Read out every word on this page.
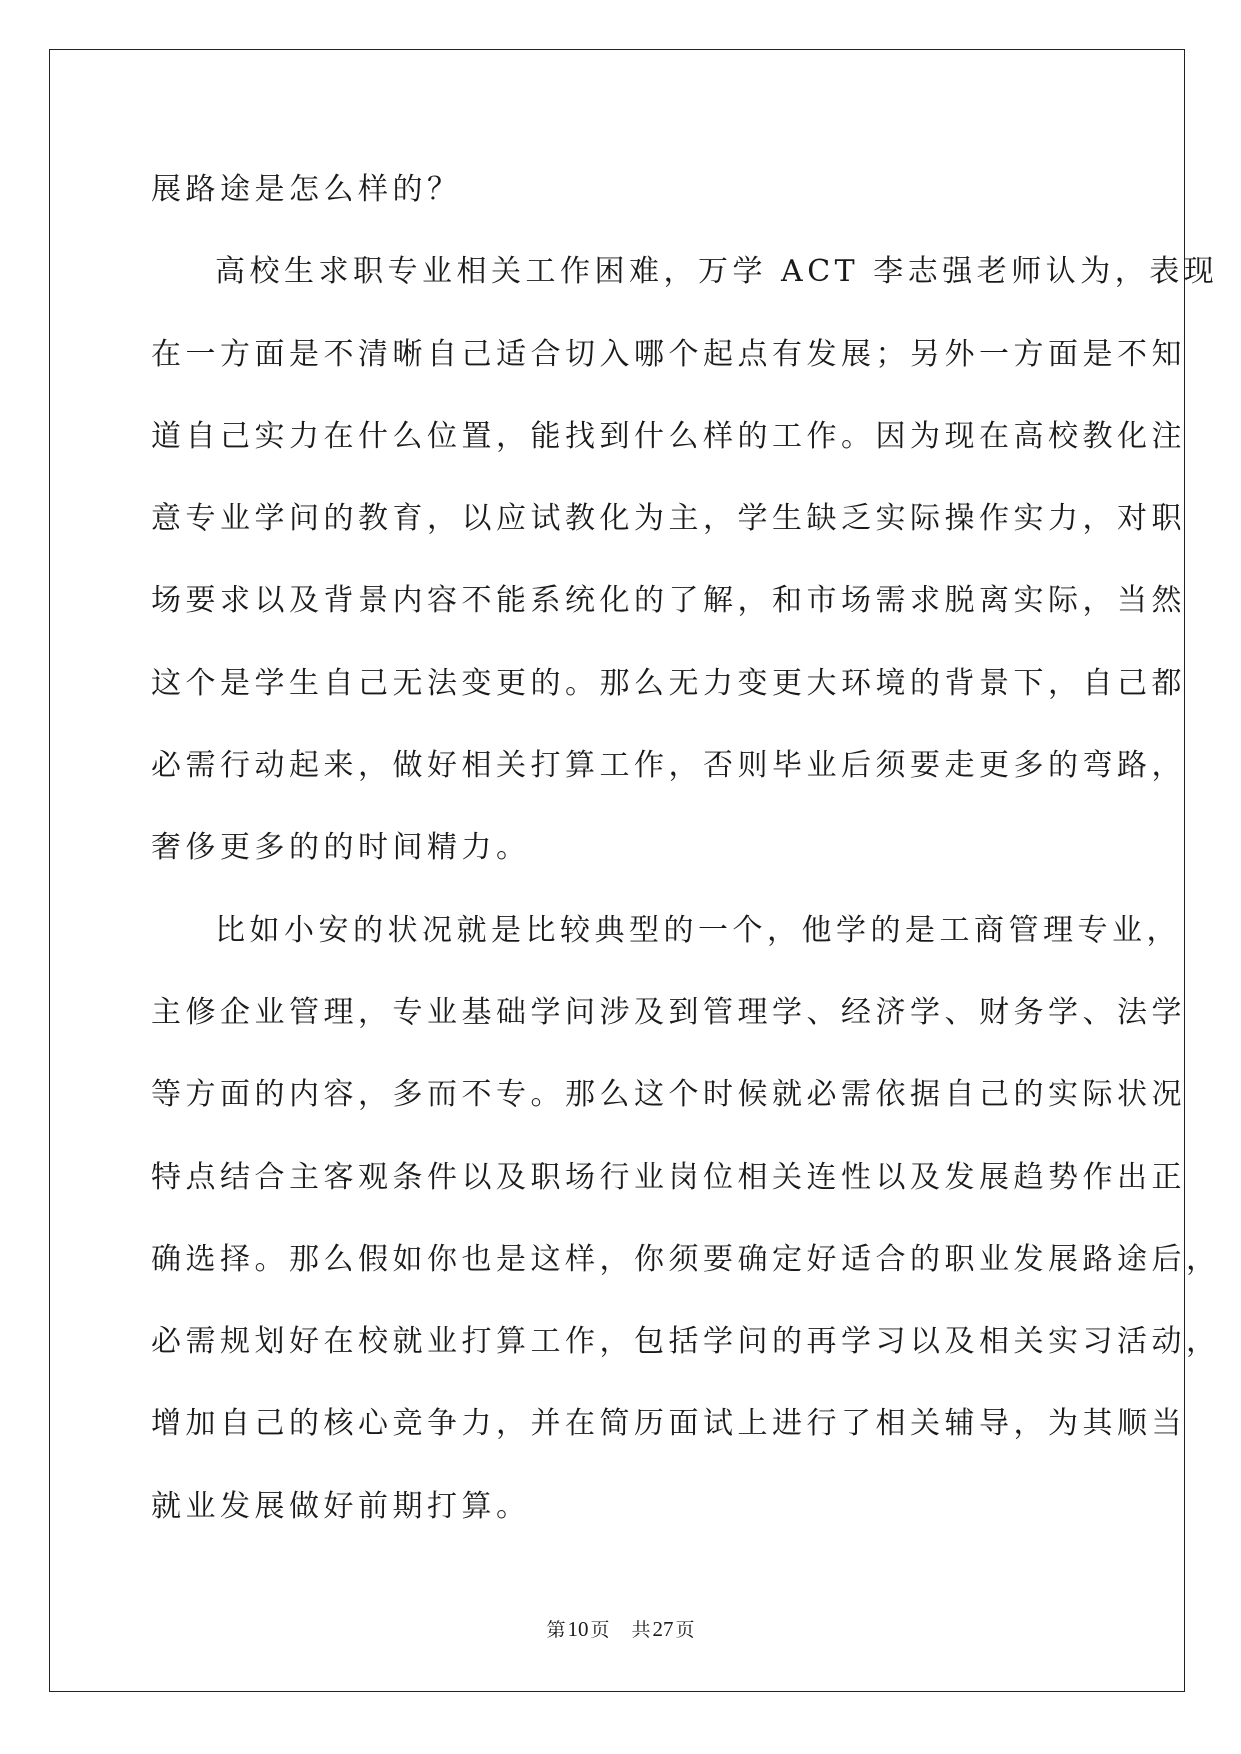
展路途是怎么样的？
高校生求职专业相关工作困难，万学 ACT 李志强老师认为，表现
在一方面是不清晰自己适合切入哪个起点有发展；另外一方面是不知
道自己实力在什么位置，能找到什么样的工作。因为现在高校教化注
意专业学问的教育，以应试教化为主，学生缺乏实际操作实力，对职
场要求以及背景内容不能系统化的了解，和市场需求脱离实际，当然
这个是学生自己无法变更的。那么无力变更大环境的背景下，自己都
必需行动起来，做好相关打算工作，否则毕业后须要走更多的弯路，
奢侈更多的的时间精力。
比如小安的状况就是比较典型的一个，他学的是工商管理专业，
主修企业管理，专业基础学问涉及到管理学、经济学、财务学、法学
等方面的内容，多而不专。那么这个时候就必需依据自己的实际状况
特点结合主客观条件以及职场行业岗位相关连性以及发展趋势作出正
确选择。那么假如你也是这样，你须要确定好适合的职业发展路途后，
必需规划好在校就业打算工作，包括学问的再学习以及相关实习活动，
增加自己的核心竞争力，并在简历面试上进行了相关辅导，为其顺当
就业发展做好前期打算。
第10 页 共27 页
